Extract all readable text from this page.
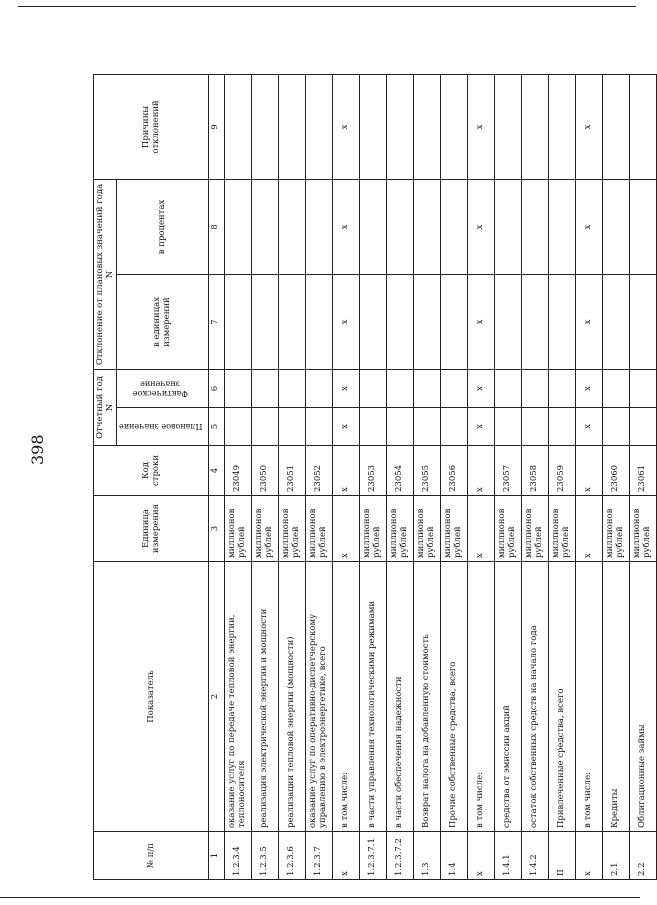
398
№ п/п	Показатель	Единица измерения	Код строки	Отчетный год N		Отклонение от плановых значений года N		Причины отклонений
						в единицах измерений	в процентах	
				Плановое значение	Фактическое значение			
1	2	3	4	5	6	7	8	9
1.2.3.4	оказание услуг по передаче тепловой энергии, теплоносителя	миллионов рублей	23049					
1.2.3.5	реализация электрической энергии и мощности	миллионов рублей	23050					
1.2.3.6	реализации тепловой энергии (мощности)	миллионов рублей	23051					
1.2.3.7	оказание услуг по оперативно-диспетчерскому управлению в электроэнергетике, всего	миллионов рублей	23052					
x	в том числе:	x	x	x	x	x	x	x
1.2.3.7.1	в части управления технологическими режимами	миллионов рублей	23053					
1.2.3.7.2	в части обеспечения надежности	миллионов рублей	23054					
1.3	Возврат налога на добавленную стоимость	миллионов рублей	23055					
1.4	Прочие собственные средства, всего	миллионов рублей	23056					
x	в том числе:	x	x	x	x	x	x	x
1.4.1	средства от эмиссии акций	миллионов рублей	23057					
1.4.2	остаток собственных средств на начало года	миллионов рублей	23058					
II	Привлеченные средства, всего	миллионов рублей	23059					
x	в том числе:	x	x	x	x	x	x	x
2.1	Кредиты	миллионов рублей	23060					
2.2	Облигационные займы	миллионов рублей	23061					
